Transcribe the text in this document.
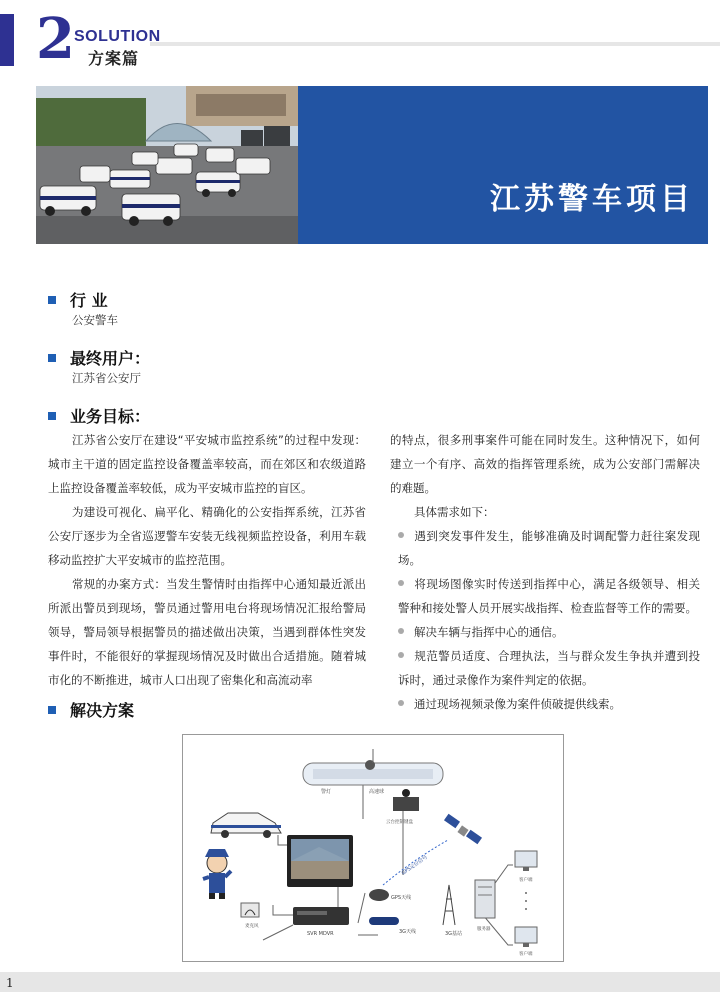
2 SOLUTION
方案篇
江苏警车项目
行 业
公安警车
最终用户：
江苏省公安厅
业务目标：

江苏省公安厅在建设“平安城市监控系统”的过程中发现：城市主干道的固定监控设备覆盖率较高，而在郊区和农级道路上监控设备覆盖率较低，成为平安城市监控的盲区。

为建设可视化、扁平化、精确化的公安指挥系统，江苏省公安厅逐步为全省巡逻警车安装无线视频监控设备，利用车载移动监控扩大平安城市的监控范围。

常规的办案方式：当发生警情时由指挥中心通知最近派出所派出警员到现场，警员通过警用电台将现场情况汇报给警局领导，警局领导根据警员的描述做出决策，当遇到群体性突发事件时，不能很好的掌握现场情况及时做出合适措施。随着城市化的不断推进，城市人口出现了密集化和高流动率

的特点，很多刑事案件可能在同时发生。这种情况下，如何建立一个有序、高效的指挥管理系统，成为公安部门需解决的难题。

具体需求如下：

遇到突发事件发生，能够准确及时调配警力赶往案发现场。

将现场图像实时传送到指挥中心，满足各级领导、相关警种和接处警人员开展实战指挥、检查监督等工作的需要。

解决车辆与指挥中心的通信。

规范警员适度、合理执法，当与群众发生争执并遭到投诉时，通过录像作为案件判定的依据。

通过现场视频录像为案件侦破提供线索。

解决方案
警灯	高速球
云台控制键盘
GPS定位信号
麦克风
SVR MDVR
GPS天线
3G天线	3G基站
服务器
客户端
客户端
1
